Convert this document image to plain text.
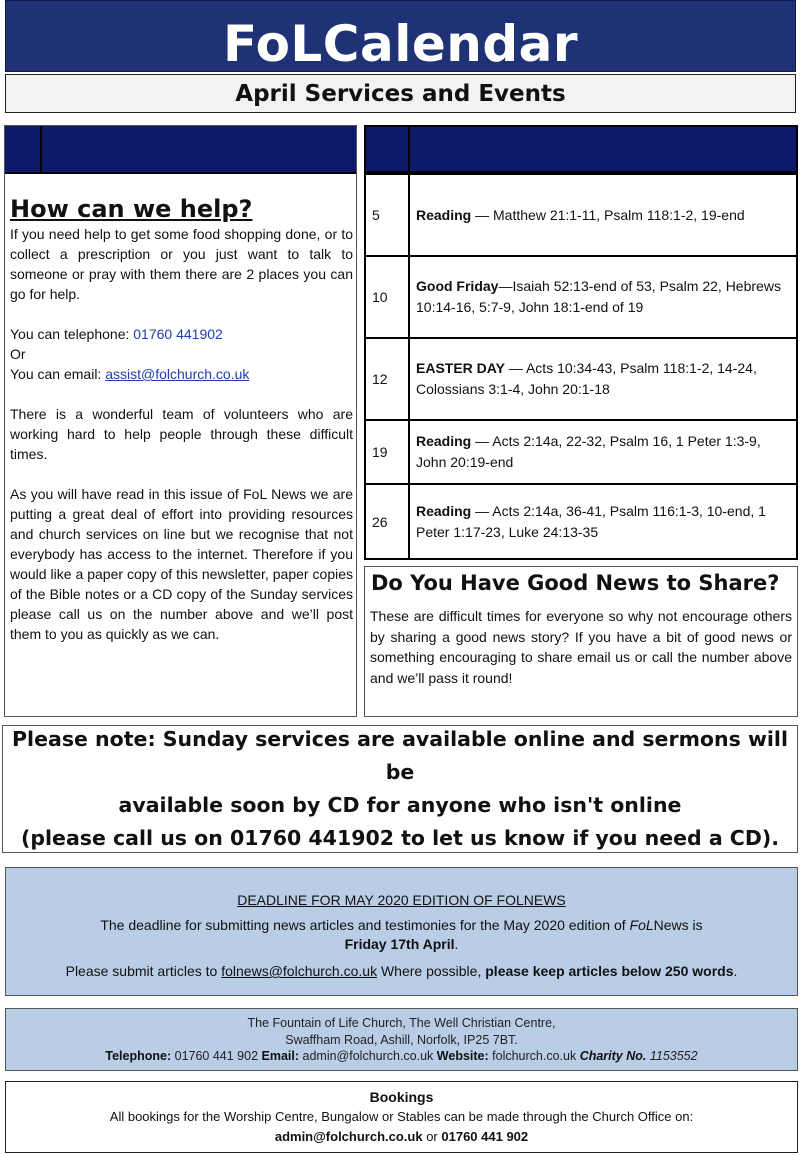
FoLCalendar
April Services and Events
How can we help?

If you need help to get some food shopping done, or to collect a prescription or you just want to talk to someone or pray with them there are 2 places you can go for help.

You can telephone: 01760 441902
Or
You can email: assist@folchurch.co.uk

There is a wonderful team of volunteers who are working hard to help people through these difficult times.

As you will have read in this issue of FoL News we are putting a great deal of effort into providing resources and church services on line but we recognise that not everybody has access to the internet. Therefore if you would like a paper copy of this newsletter, paper copies of the Bible notes or a CD copy of the Sunday services please call us on the number above and we’ll post them to you as quickly as we can.

5	Reading — Matthew 21:1-11, Psalm 118:1-2, 19-end
10
Good Friday—Isaiah 52:13-end of 53, Psalm 22, Hebrews 10:14-16, 5:7-9, John 18:1-end of 19
12
EASTER DAY — Acts 10:34-43, Psalm 118:1-2, 14-24, Colossians 3:1-4, John 20:1-18
19
Reading — Acts 2:14a, 22-32, Psalm 16, 1 Peter 1:3-9, John 20:19-end
26
Reading — Acts 2:14a, 36-41, Psalm 116:1-3, 10-end, 1 Peter 1:17-23, Luke 24:13-35
Do You Have Good News to Share?

These are difficult times for everyone so why not encourage others by sharing a good news story? If you have a bit of good news or something encouraging to share email us or call the number above and we’ll pass it round!

Please note: Sunday services are available online and sermons will be
available soon by CD for anyone who isn't online
(please call us on 01760 441902 to let us know if you need a CD).
DEADLINE FOR MAY 2020 EDITION OF FOLNEWS
The deadline for submitting news articles and testimonies for the May 2020 edition of FoLNews is
Friday 17th April.
Please submit articles to folnews@folchurch.co.uk Where possible, please keep articles below 250 words.
The Fountain of Life Church, The Well Christian Centre,
Swaffham Road, Ashill, Norfolk, IP25 7BT.
Telephone: 01760 441 902 Email: admin@folchurch.co.uk Website: folchurch.co.uk Charity No. 1153552
Bookings
All bookings for the Worship Centre, Bungalow or Stables can be made through the Church Office on:
admin@folchurch.co.uk or 01760 441 902
